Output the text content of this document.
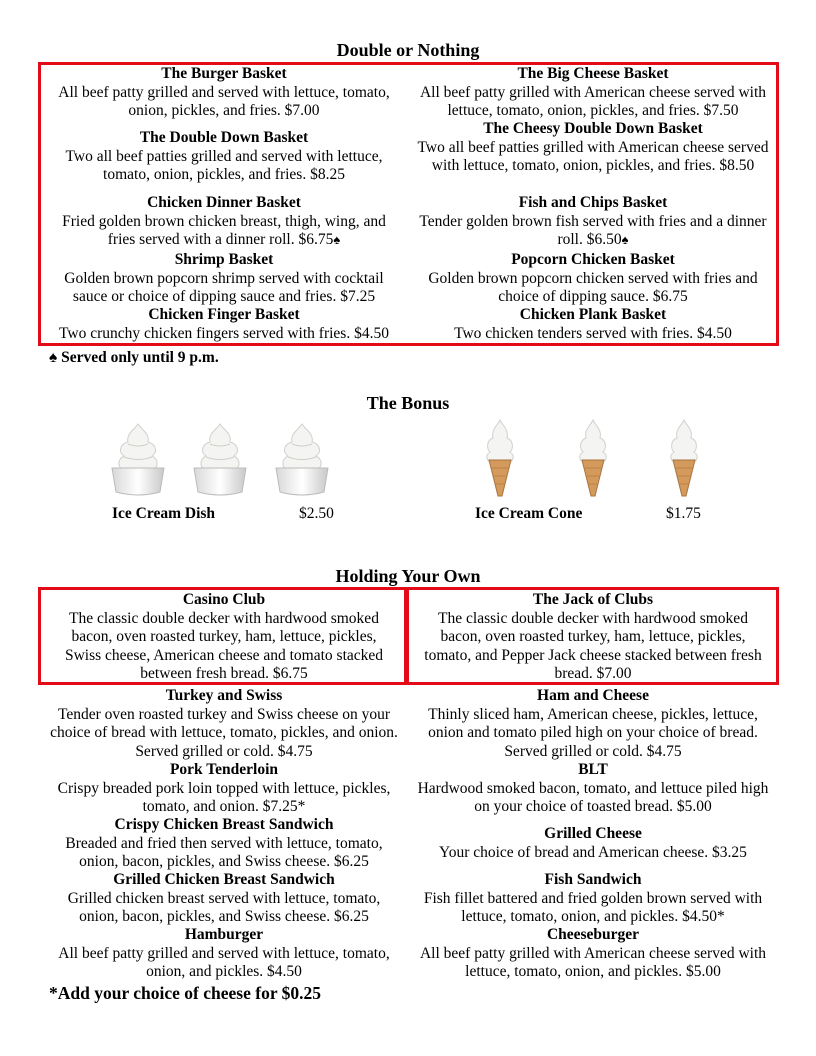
Double or Nothing
The Burger Basket
All beef patty grilled and served with lettuce, tomato, onion, pickles, and fries. $7.00
The Double Down Basket
Two all beef patties grilled and served with lettuce, tomato, onion, pickles, and fries. $8.25
Chicken Dinner Basket
Fried golden brown chicken breast, thigh, wing, and fries served with a dinner roll. $6.75♠
Shrimp Basket
Golden brown popcorn shrimp served with cocktail sauce or choice of dipping sauce and fries. $7.25
Chicken Finger Basket
Two crunchy chicken fingers served with fries. $4.50
The Big Cheese Basket
All beef patty grilled with American cheese served with lettuce, tomato, onion, pickles, and fries. $7.50
The Cheesy Double Down Basket
Two all beef patties grilled with American cheese served with lettuce, tomato, onion, pickles, and fries. $8.50
Fish and Chips Basket
Tender golden brown fish served with fries and a dinner roll. $6.50♠
Popcorn Chicken Basket
Golden brown popcorn chicken served with fries and choice of dipping sauce. $6.75
Chicken Plank Basket
Two chicken tenders served with fries. $4.50
♠ Served only until 9 p.m.
The Bonus
Ice Cream Dish	$2.50	Ice Cream Cone	$1.75
Holding Your Own
Casino Club
The classic double decker with hardwood smoked bacon, oven roasted turkey, ham, lettuce, pickles, Swiss cheese, American cheese and tomato stacked between fresh bread. $6.75
The Jack of Clubs
The classic double decker with hardwood smoked bacon, oven roasted turkey, ham, lettuce, pickles, tomato, and Pepper Jack cheese stacked between fresh bread. $7.00
Turkey and Swiss
Tender oven roasted turkey and Swiss cheese on your choice of bread with lettuce, tomato, pickles, and onion. Served grilled or cold. $4.75
Pork Tenderloin
Crispy breaded pork loin topped with lettuce, pickles, tomato, and onion. $7.25*
Crispy Chicken Breast Sandwich
Breaded and fried then served with lettuce, tomato, onion, bacon, pickles, and Swiss cheese. $6.25
Grilled Chicken Breast Sandwich
Grilled chicken breast served with lettuce, tomato, onion, bacon, pickles, and Swiss cheese. $6.25
Hamburger
All beef patty grilled and served with lettuce, tomato, onion, and pickles. $4.50
Ham and Cheese
Thinly sliced ham, American cheese, pickles, lettuce, onion and tomato piled high on your choice of bread. Served grilled or cold. $4.75
BLT
Hardwood smoked bacon, tomato, and lettuce piled high on your choice of toasted bread. $5.00
Grilled Cheese
Your choice of bread and American cheese. $3.25
Fish Sandwich
Fish fillet battered and fried golden brown served with lettuce, tomato, onion, and pickles. $4.50*
Cheeseburger
All beef patty grilled with American cheese served with lettuce, tomato, onion, and pickles. $5.00
*Add your choice of cheese for $0.25
